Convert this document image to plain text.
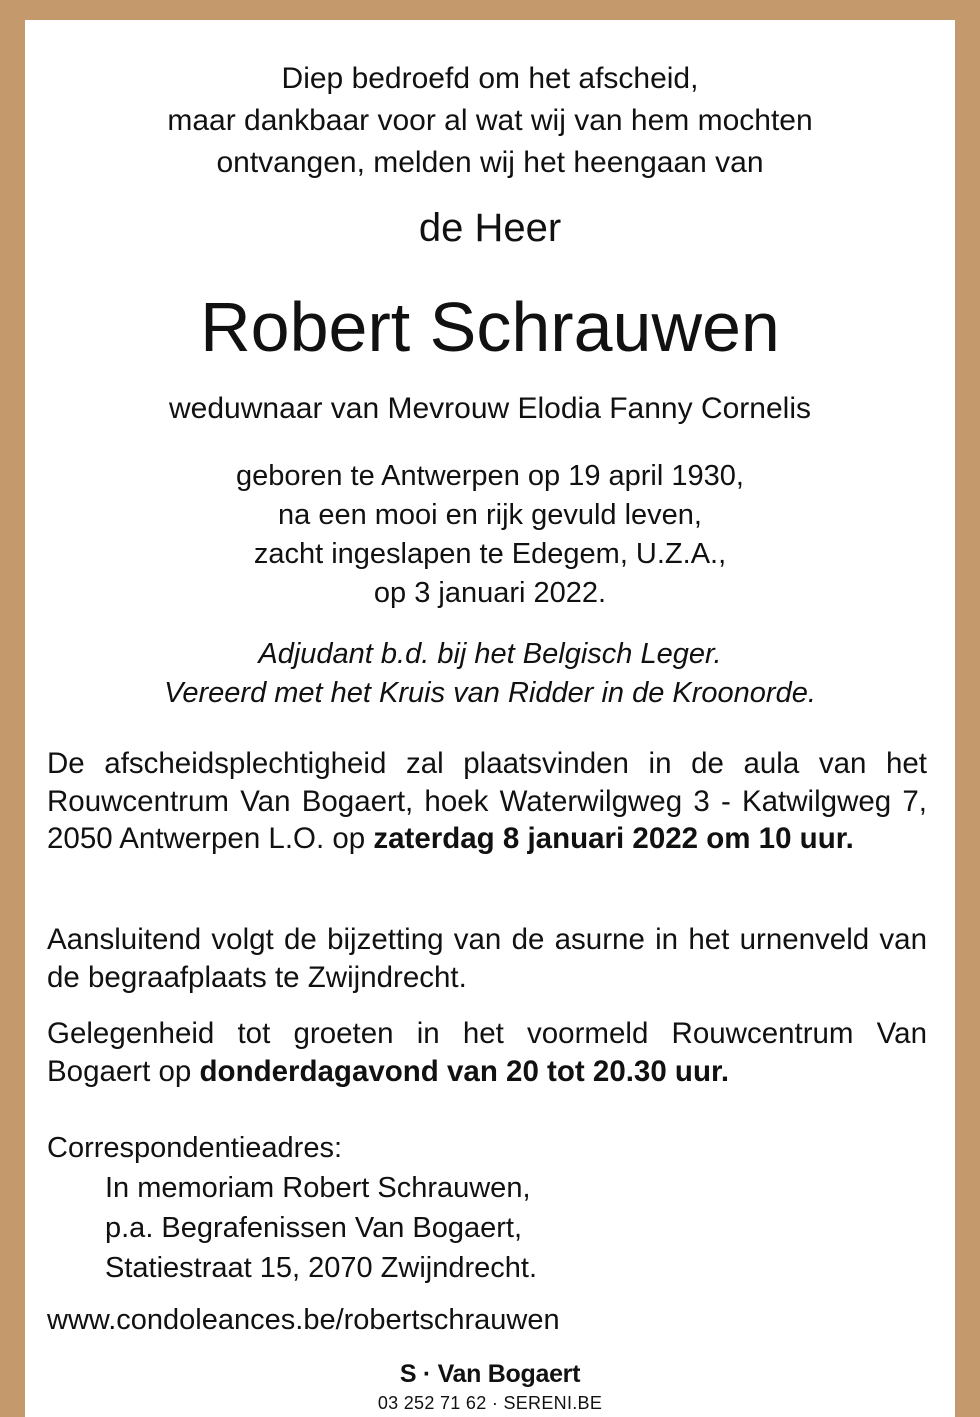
Diep bedroefd om het afscheid,
maar dankbaar voor al wat wij van hem mochten
ontvangen, melden wij het heengaan van
de Heer
Robert Schrauwen
weduwnaar van Mevrouw Elodia Fanny Cornelis
geboren te Antwerpen op 19 april 1930,
na een mooi en rijk gevuld leven,
zacht ingeslapen te Edegem, U.Z.A.,
op 3 januari 2022.
Adjudant b.d. bij het Belgisch Leger.
Vereerd met het Kruis van Ridder in de Kroonorde.
De afscheidsplechtigheid zal plaatsvinden in de aula van het Rouwcentrum Van Bogaert, hoek Waterwilgweg 3 - Katwilgweg 7, 2050 Antwerpen L.O. op zaterdag 8 januari 2022 om 10 uur.
Aansluitend volgt de bijzetting van de asurne in het urnenveld van de begraafplaats te Zwijndrecht.
Gelegenheid tot groeten in het voormeld Rouwcentrum Van Bogaert op donderdagavond van 20 tot 20.30 uur.
Correspondentieadres:
In memoriam Robert Schrauwen,
p.a. Begrafenissen Van Bogaert,
Statiestraat 15, 2070 Zwijndrecht.
www.condoleances.be/robertschrauwen
S · Van Bogaert
03 252 71 62 · SERENI.BE
